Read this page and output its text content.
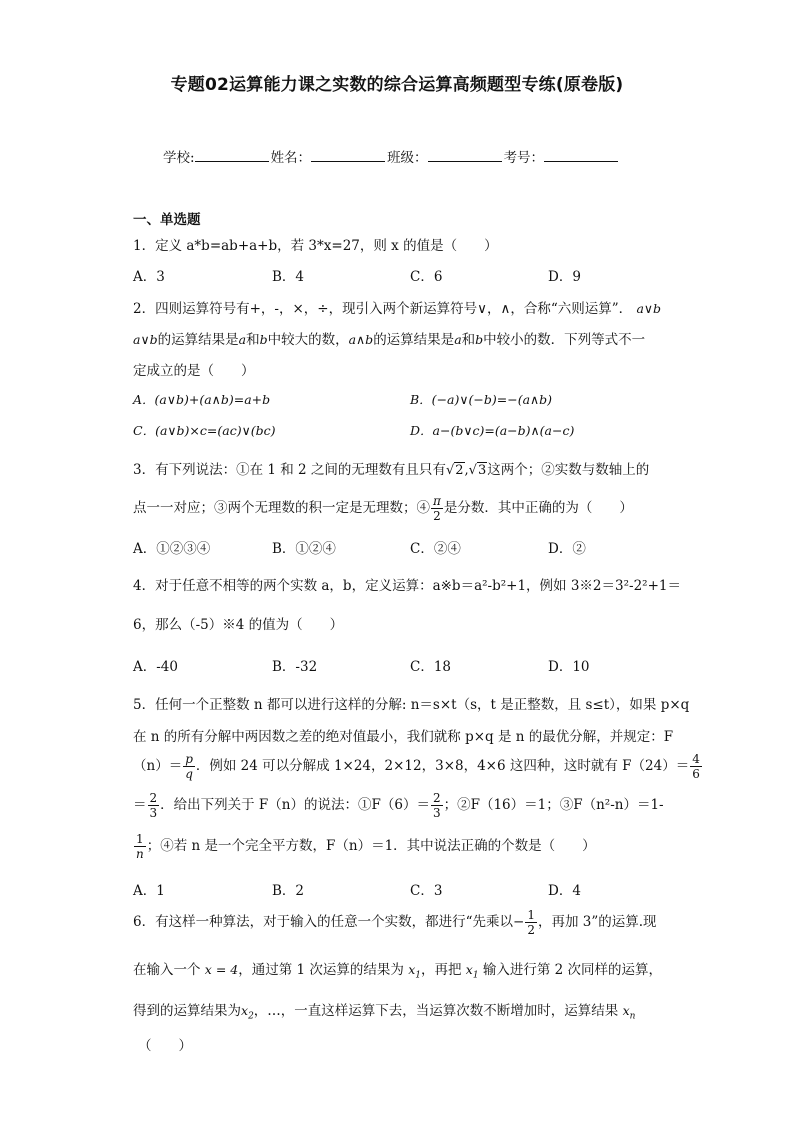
专题02运算能力课之实数的综合运算高频题型专练(原卷版)
学校:	姓名：	班级：	考号：
一、单选题
1．定义 a*b=ab+a+b，若 3*x=27，则 x 的值是（　　）
A．3	B．4	C．6	D．9
2．四则运算符号有+，-，×，÷，现引入两个新运算符号∨，∧，合称“六则运算”． a∨b
a∨b的运算结果是a和b中较大的数，a∧b的运算结果是a和b中较小的数．下列等式不一
定成立的是（　　）
A．(a∨b)+(a∧b)=a+b	B．(−a)∨(−b)=−(a∧b)
C．(a∨b)×c=(ac)∨(bc)	D．a−(b∨c)=(a−b)∧(a−c)
3．有下列说法：①在 1 和 2 之间的无理数有且只有√2,√3这两个；②实数与数轴上的
点一一对应；③两个无理数的积一定是无理数；④ $\frac{\pi}{2}$ 是分数．其中正确的为（　　）
A．①②③④	B．①②④	C．②④	D．②
4．对于任意不相等的两个实数 a，b，定义运算：a※b＝a²-b²+1，例如 3※2＝3²-2²+1＝
6，那么（-5）※4 的值为（　　）
A．-40	B．-32	C．18	D．10
5．任何一个正整数 n 都可以进行这样的分解: n＝s×t（s，t 是正整数，且 s≤t），如果 p×q
在 n 的所有分解中两因数之差的绝对值最小，我们就称 p×q 是 n 的最优分解，并规定：F
$(n)= \frac{p}{q}$ ．例如 24 可以分解成 1×24，2×12，3×8，4×6 这四种，这时就有 $F(24)= \frac{4}{6}$
＝ $\frac{2}{3}$ ．给出下列关于 F（n）的说法：①F（6）＝ $\frac{2}{3}$ ；②F（16）＝1；③F（n²-n）＝1-
$\frac{1}{n}$ ；④若 n 是一个完全平方数，F（n）＝1．其中说法正确的个数是（　　）
A．1	B．2	C．3	D．4
6．有这样一种算法，对于输入的任意一个实数，都进行“先乘以− $\frac{1}{2}$ ，再加 3”的运算.现
在输入一个 x = 4，通过第 1 次运算的结果为 $x_1$，再把 $x_1$ 输入进行第 2 次同样的运算，
得到的运算结果为$x_2$，…，一直这样运算下去，当运算次数不断增加时，运算结果 $x_n$
（　　）
